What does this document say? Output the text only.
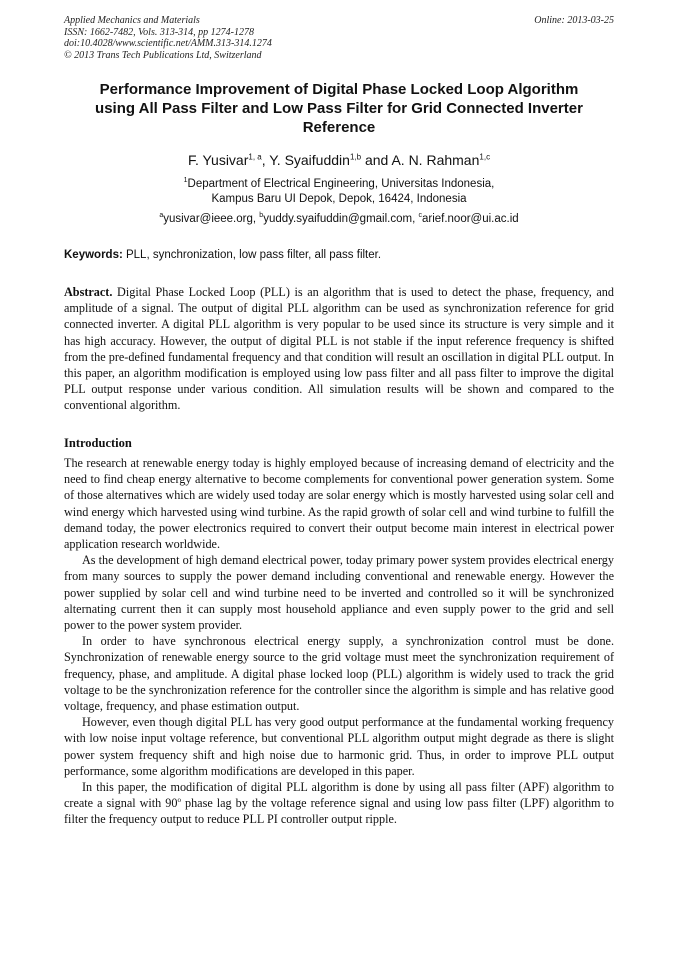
Applied Mechanics and Materials
ISSN: 1662-7482, Vols. 313-314, pp 1274-1278
doi:10.4028/www.scientific.net/AMM.313-314.1274
© 2013 Trans Tech Publications Ltd, Switzerland
Online: 2013-03-25
Performance Improvement of Digital Phase Locked Loop Algorithm
using All Pass Filter and Low Pass Filter for Grid Connected Inverter
Reference
F. Yusivar$^{1, a}$, Y. Syaifuddin$^{1,b}$ and A. N. Rahman$^{1,c}$
$^1$Department of Electrical Engineering, Universitas Indonesia,
Kampus Baru UI Depok, Depok, 16424, Indonesia
$^a$yusivar@ieee.org, $^b$yuddy.syaifuddin@gmail.com, $^c$arief.noor@ui.ac.id
Keywords: PLL, synchronization, low pass filter, all pass filter.
Abstract. Digital Phase Locked Loop (PLL) is an algorithm that is used to detect the phase, frequency, and amplitude of a signal. The output of digital PLL algorithm can be used as synchronization reference for grid connected inverter. A digital PLL algorithm is very popular to be used since its structure is very simple and it has high accuracy. However, the output of digital PLL is not stable if the input reference frequency is shifted from the pre-defined fundamental frequency and that condition will result an oscillation in digital PLL output. In this paper, an algorithm modification is employed using low pass filter and all pass filter to improve the digital PLL output response under various condition. All simulation results will be shown and compared to the conventional algorithm.
Introduction

The research at renewable energy today is highly employed because of increasing demand of electricity and the need to find cheap energy alternative to become complements for conventional power generation system. Some of those alternatives which are widely used today are solar energy which is mostly harvested using solar cell and wind energy which harvested using wind turbine. As the rapid growth of solar cell and wind turbine to fulfill the demand today, the power electronics required to convert their output become main interest in electrical power application research worldwide.

As the development of high demand electrical power, today primary power system provides electrical energy from many sources to supply the power demand including conventional and renewable energy. However the power supplied by solar cell and wind turbine need to be inverted and controlled so it will be synchronized alternating current then it can supply most household appliance and even supply power to the grid and sell power to the power system provider.

In order to have synchronous electrical energy supply, a synchronization control must be done. Synchronization of renewable energy source to the grid voltage must meet the synchronization requirement of frequency, phase, and amplitude. A digital phase locked loop (PLL) algorithm is widely used to track the grid voltage to be the synchronization reference for the controller since the algorithm is simple and has relative good voltage, frequency, and phase estimation output.

However, even though digital PLL has very good output performance at the fundamental working frequency with low noise input voltage reference, but conventional PLL algorithm output might degrade as there is slight power system frequency shift and high noise due to harmonic grid. Thus, in order to improve PLL output performance, some algorithm modifications are developed in this paper.

In this paper, the modification of digital PLL algorithm is done by using all pass filter (APF) algorithm to create a signal with 90$^o$ phase lag by the voltage reference signal and using low pass filter (LPF) algorithm to filter the frequency output to reduce PLL PI controller output ripple.
